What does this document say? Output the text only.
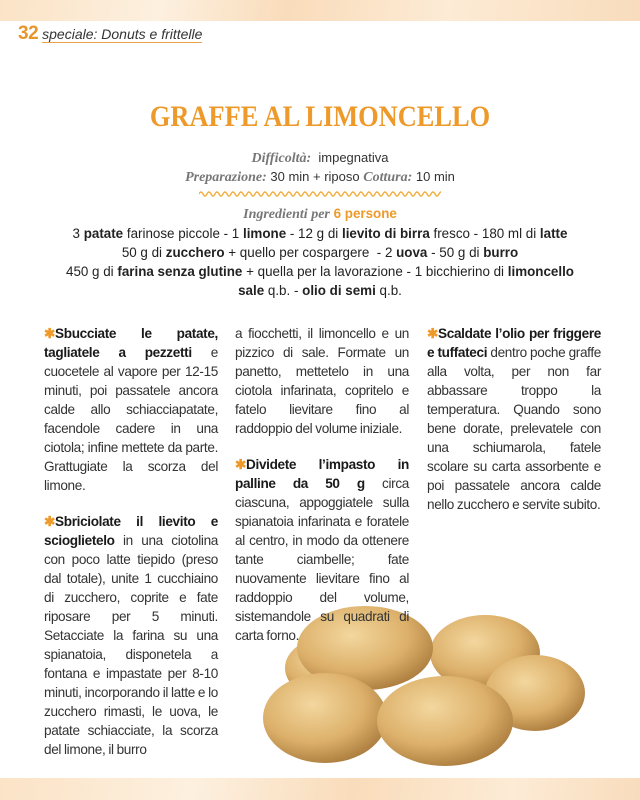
32 speciale: Donuts e frittelle
GRAFFE AL LIMONCELLO
Difficoltà: impegnativa
Preparazione: 30 min + riposo Cottura: 10 min
Ingredienti per 6 persone
3 patate farinose piccole - 1 limone - 12 g di lievito di birra fresco - 180 ml di latte
50 g di zucchero + quello per cospargere  - 2 uova - 50 g di burro
450 g di farina senza glutine + quella per la lavorazione - 1 bicchierino di limoncello
sale q.b. - olio di semi q.b.

✱Sbucciate le patate, tagliatele a pezzetti e cuocetele al vapore per 12-15 minuti, poi passatele ancora calde allo schiacciapatate, facendole cadere in una ciotola; infine mettete da parte. Grattugiate la scorza del limone.

✱Sbriciolate il lievito e scioglietelo in una ciotolina con poco latte tiepido (preso dal totale), unite 1 cucchiaino di zucchero, coprite e fate riposare per 5 minuti. Setacciate la farina su una spianatoia, disponetela a fontana e impastate per 8-10 minuti, incorporando il latte e lo zucchero rimasti, le uova, le patate schiacciate, la scorza del limone, il burro

a fiocchetti, il limoncello e un pizzico di sale. Formate un panetto, mettetelo in una ciotola infarinata, copritelo e fatelo lievitare fino al raddoppio del volume iniziale.

✱Dividete l’impasto in palline da 50 g circa ciascuna, appoggiatele sulla spianatoia infarinata e foratele al centro, in modo da ottenere tante ciambelle; fate nuovamente lievitare fino al raddoppio del volume, sistemandole su quadrati di carta forno.

✱Scaldate l’olio per friggere e tuffateci dentro poche graffe alla volta, per non far abbassare troppo la temperatura. Quando sono bene dorate, prelevatele con una schiumarola, fatele scolare su carta assorbente e poi passatele ancora calde nello zucchero e servite subito.
